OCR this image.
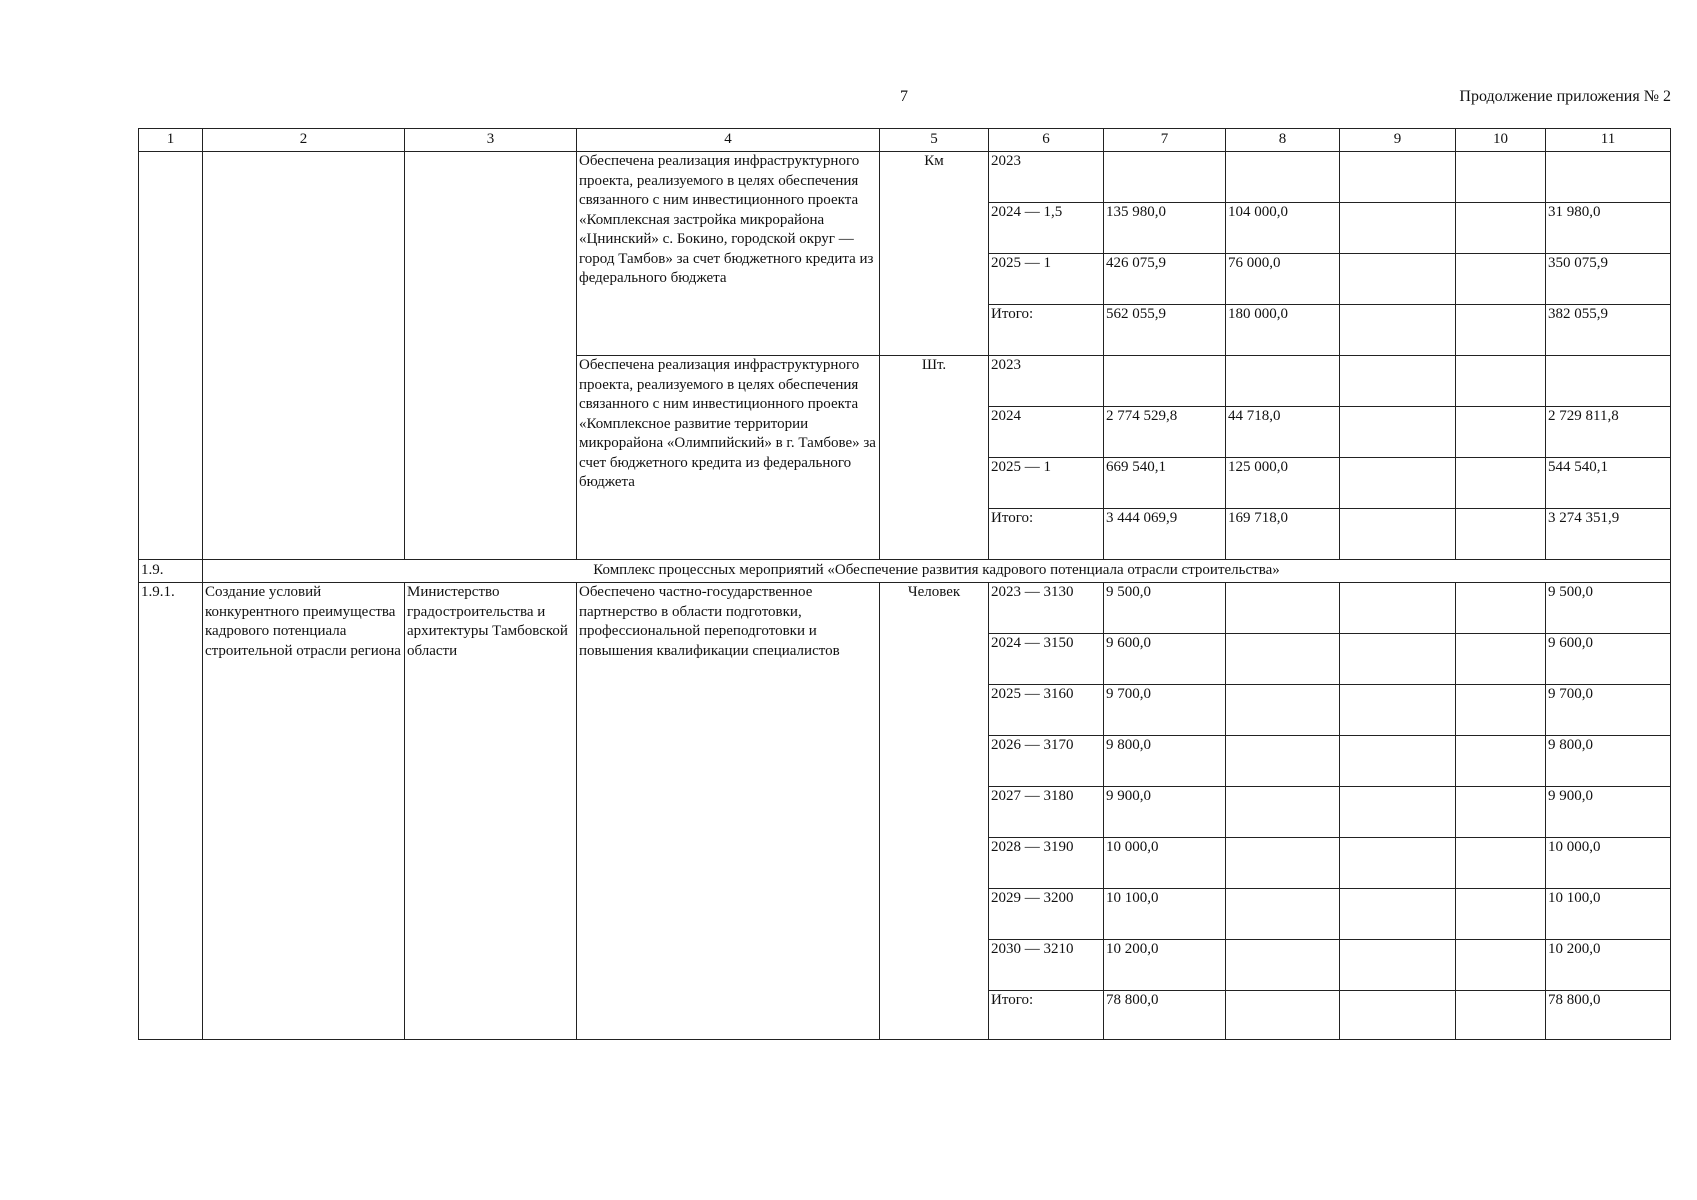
7	Продолжение приложения № 2
1	2	3	4	5	6	7	8	9	10	11
			Обеспечена реализация инфраструктурного проекта, реализуемого в целях обеспечения связанного с ним инвестиционного проекта «Комплексная застройка микрорайона «Цнинский» с. Бокино, городской округ — город Тамбов» за счет бюджетного кредита из федерального бюджета	Км	2023					
					2024 — 1,5	135 980,0	104 000,0			31 980,0
					2025 — 1	426 075,9	76 000,0			350 075,9
					Итого:	562 055,9	180 000,0			382 055,9
			Обеспечена реализация инфраструктурного проекта, реализуемого в целях обеспечения связанного с ним инвестиционного проекта «Комплексное развитие территории микрорайона «Олимпийский» в г. Тамбове» за счет бюджетного кредита из федерального бюджета	Шт.	2023					
					2024	2 774 529,8	44 718,0			2 729 811,8
					2025 — 1	669 540,1	125 000,0			544 540,1
					Итого:	3 444 069,9	169 718,0			3 274 351,9
1.9.	Комплекс процессных мероприятий «Обеспечение развития кадрового потенциала отрасли строительства»									
1.9.1.	Создание условий конкурентного преимущества кадрового потенциала строительной отрасли региона	Министерство градостроительства и архитектуры Тамбовской области	Обеспечено частно-государственное партнерство в области подготовки, профессиональной переподготовки и повышения квалификации специалистов	Человек	2023 — 3130	9 500,0				9 500,0
					2024 — 3150	9 600,0				9 600,0
					2025 — 3160	9 700,0				9 700,0
					2026 — 3170	9 800,0				9 800,0
					2027 — 3180	9 900,0				9 900,0
					2028 — 3190	10 000,0				10 000,0
					2029 — 3200	10 100,0				10 100,0
					2030 — 3210	10 200,0				10 200,0
					Итого:	78 800,0				78 800,0
